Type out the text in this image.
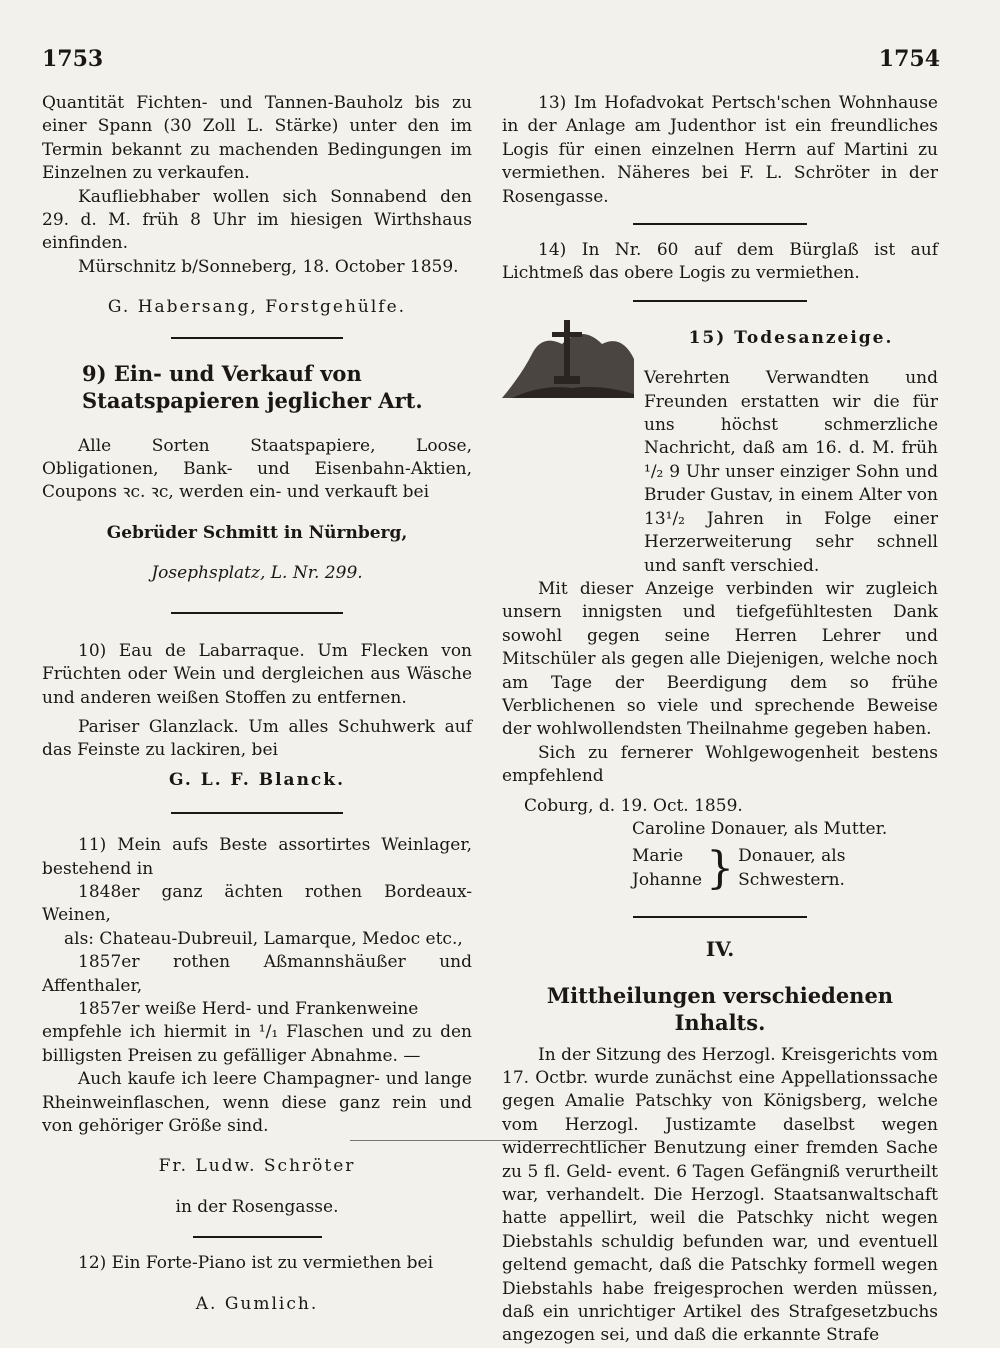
1753	1754

Quantität Fichten- und Tannen-Bauholz bis zu einer Spann (30 Zoll L. Stärke) unter den im Termin bekannt zu machenden Bedingungen im Einzelnen zu verkaufen.

Kaufliebhaber wollen sich Sonnabend den 29. d. M. früh 8 Uhr im hiesigen Wirthshaus einfinden.

Mürschnitz b/Sonneberg, 18. October 1859.

G. Habersang, Forstgehülfe.

9) Ein- und Verkauf von Staatspapieren jeglicher Art.

Alle Sorten Staatspapiere, Loose, Obligationen, Bank- und Eisenbahn-Aktien, Coupons ꝛc. ꝛc, werden ein- und verkauft bei

Gebrüder Schmitt in Nürnberg,

Josephsplatz, L. Nr. 299.

10) Eau de Labarraque. Um Flecken von Früchten oder Wein und dergleichen aus Wäsche und anderen weißen Stoffen zu entfernen.

Pariser Glanzlack. Um alles Schuhwerk auf das Feinste zu lackiren, bei

G. L. F. Blanck.

11) Mein aufs Beste assortirtes Weinlager, bestehend in

1848er ganz ächten rothen Bordeaux-Weinen,

als: Chateau-Dubreuil, Lamarque, Medoc etc.,

1857er rothen Aßmannshäußer und Affenthaler,

1857er weiße Herd- und Frankenweine

empfehle ich hiermit in ¹/₁ Flaschen und zu den billigsten Preisen zu gefälliger Abnahme. —

Auch kaufe ich leere Champagner- und lange Rheinweinflaschen, wenn diese ganz rein und von gehöriger Größe sind.

Fr. Ludw. Schröter

in der Rosengasse.

12) Ein Forte-Piano ist zu vermiethen bei

A. Gumlich.

13) Im Hofadvokat Pertsch'schen Wohnhause in der Anlage am Judenthor ist ein freundliches Logis für einen einzelnen Herrn auf Martini zu vermiethen. Näheres bei F. L. Schröter in der Rosengasse.

14) In Nr. 60 auf dem Bürglaß ist auf Lichtmeß das obere Logis zu vermiethen.

15) Todesanzeige.

Verehrten Verwandten und Freunden erstatten wir die für uns höchst schmerzliche Nachricht, daß am 16. d. M. früh ¹/₂ 9 Uhr unser einziger Sohn und Bruder Gustav, in einem Alter von 13¹/₂ Jahren in Folge einer Herzerweiterung sehr schnell und sanft verschied.

Mit dieser Anzeige verbinden wir zugleich unsern innigsten und tiefgefühltesten Dank sowohl gegen seine Herren Lehrer und Mitschüler als gegen alle Diejenigen, welche noch am Tage der Beerdigung dem so frühe Verblichenen so viele und sprechende Beweise der wohlwollendsten Theilnahme gegeben haben.

Sich zu fernerer Wohlgewogenheit bestens empfehlend

Coburg, d. 19. Oct. 1859.

Caroline Donauer, als Mutter.

Marie
Johanne } Donauer, als Schwestern.

IV.

Mittheilungen verschiedenen Inhalts.

In der Sitzung des Herzogl. Kreisgerichts vom 17. Octbr. wurde zunächst eine Appellationssache gegen Amalie Patschky von Königsberg, welche vom Herzogl. Justizamte daselbst wegen widerrechtlicher Benutzung einer fremden Sache zu 5 fl. Geld- event. 6 Tagen Gefängniß verurtheilt war, verhandelt. Die Herzogl. Staatsanwaltschaft hatte appellirt, weil die Patschky nicht wegen Diebstahls schuldig befunden war, und eventuell geltend gemacht, daß die Patschky formell wegen Diebstahls habe freigesprochen werden müssen, daß ein unrichtiger Artikel des Strafgesetzbuchs angezogen sei, und daß die erkannte Strafe
